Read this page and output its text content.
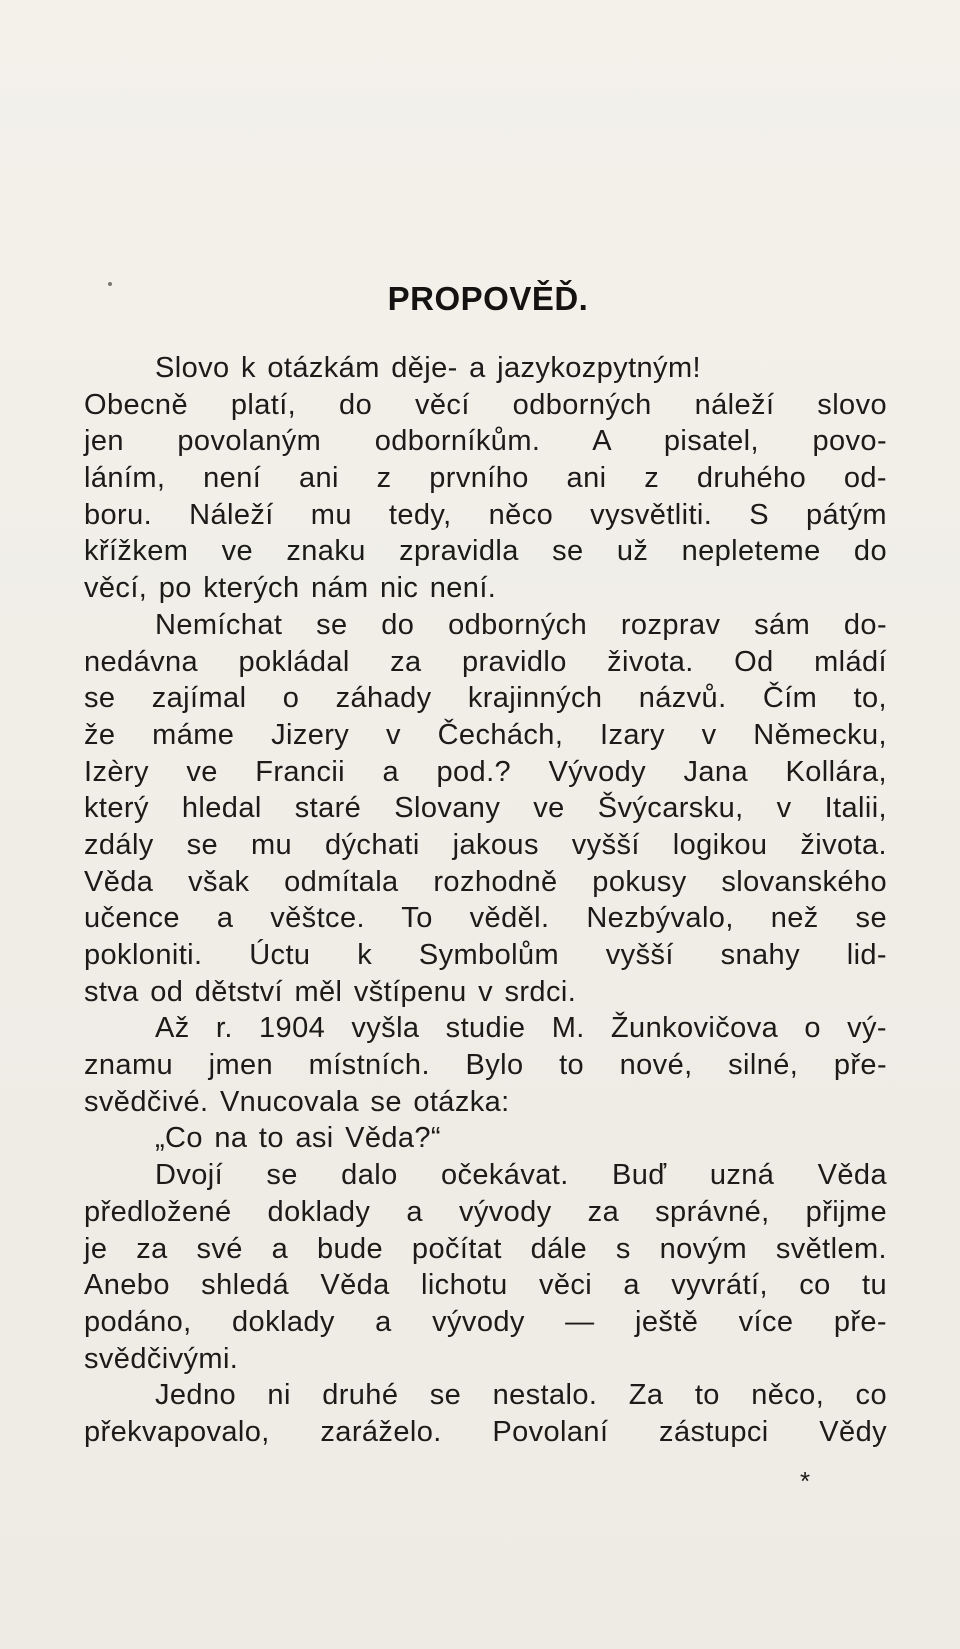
PROPOVĚĎ.
Slovo k otázkám děje- a jazykozpytným!
Obecně platí, do věcí odborných náleží slovo
jen povolaným odborníkům. A pisatel, povo-
láním, není ani z prvního ani z druhého od-
boru. Náleží mu tedy, něco vysvětliti. S pátým
křížkem ve znaku zpravidla se už nepleteme do
věcí, po kterých nám nic není.
Nemíchat se do odborných rozprav sám do-
nedávna pokládal za pravidlo života. Od mládí
se zajímal o záhady krajinných názvů. Čím to,
že máme Jizery v Čechách, Izary v Německu,
Izèry ve Francii a pod.? Vývody Jana Kollára,
který hledal staré Slovany ve Švýcarsku, v Italii,
zdály se mu dýchati jakous vyšší logikou života.
Věda však odmítala rozhodně pokusy slovanského
učence a věštce. To věděl. Nezbývalo, než se
pokloniti. Úctu k Symbolům vyšší snahy lid-
stva od dětství měl vštípenu v srdci.
Až r. 1904 vyšla studie M. Žunkovičova o vý-
znamu jmen místních. Bylo to nové, silné, pře-
svědčivé. Vnucovala se otázka:
„Co na to asi Věda?“
Dvojí se dalo očekávat. Buď uzná Věda
předložené doklady a vývody za správné, přijme
je za své a bude počítat dále s novým světlem.
Anebo shledá Věda lichotu věci a vyvrátí, co tu
podáno, doklady a vývody — ještě více pře-
svědčivými.
Jedno ni druhé se nestalo. Za to něco, co
překvapovalo, zaráželo. Povolaní zástupci Vědy
*
